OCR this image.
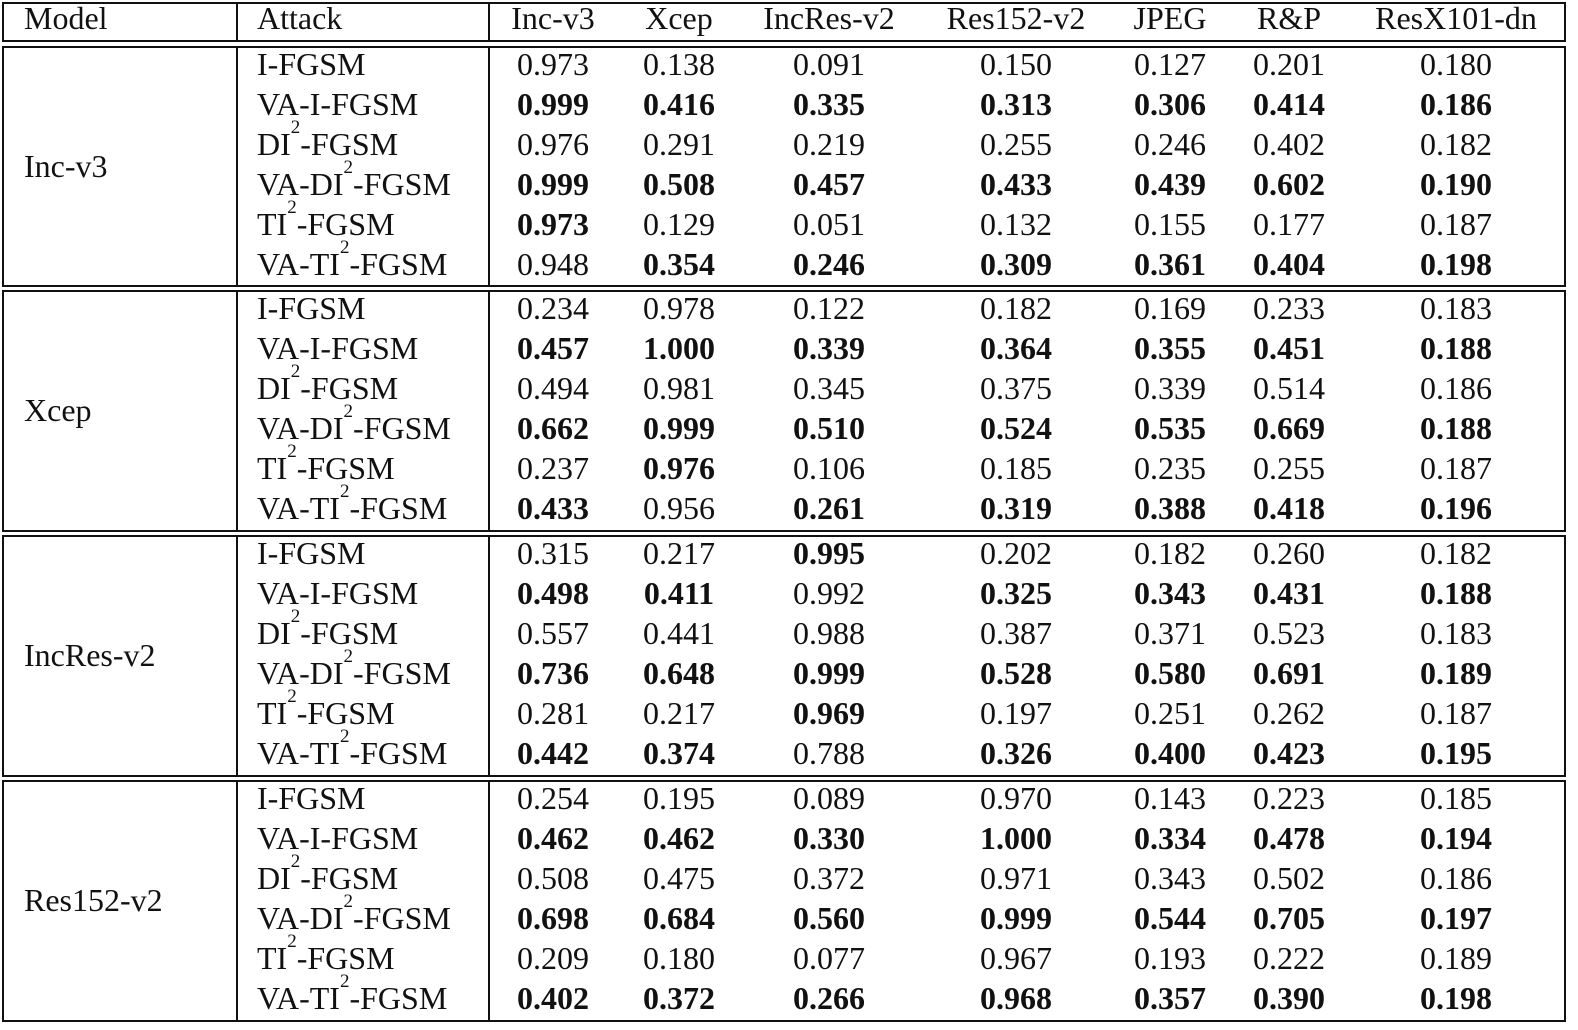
Model	Attack	Inc-v3 Xcep IncRes-v2 Res152-v2 JPEG R&P ResX101-dn
Inc-v3
I-FGSM	0.973 0.138 0.091	0.150	0.127 0.201	0.180
VA-I-FGSM	0.999 0.416 0.335	0.313	0.306 0.414	0.186
$DI^2$-FGSM	0.976 0.291 0.219	0.255	0.246 0.402	0.182
$VA-DI^2$-FGSM 0.999 0.508 0.457	0.433	0.439 0.602	0.190
$TI^2$-FGSM	0.973 0.129 0.051	0.132	0.155 0.177	0.187
$VA-TI^2$-FGSM 0.948 0.354 0.246	0.309	0.361 0.404	0.198
Xcep
I-FGSM	0.234 0.978 0.122	0.182	0.169 0.233	0.183
VA-I-FGSM	0.457 1.000 0.339	0.364	0.355 0.451	0.188
$DI^2$-FGSM	0.494 0.981 0.345	0.375	0.339 0.514	0.186
$VA-DI^2$-FGSM 0.662 0.999 0.510	0.524	0.535 0.669	0.188
$TI^2$-FGSM	0.237 0.976 0.106	0.185	0.235 0.255	0.187
$VA-TI^2$-FGSM 0.433 0.956 0.261	0.319	0.388 0.418	0.196
IncRes-v2
I-FGSM	0.315 0.217 0.995	0.202	0.182 0.260	0.182
VA-I-FGSM	0.498 0.411 0.992	0.325	0.343 0.431	0.188
$DI^2$-FGSM	0.557 0.441 0.988	0.387	0.371 0.523	0.183
$VA-DI^2$-FGSM 0.736 0.648 0.999	0.528	0.580 0.691	0.189
$TI^2$-FGSM	0.281 0.217 0.969	0.197	0.251 0.262	0.187
$VA-TI^2$-FGSM 0.442 0.374 0.788	0.326	0.400 0.423	0.195
Res152-v2
I-FGSM	0.254 0.195 0.089	0.970	0.143 0.223	0.185
VA-I-FGSM	0.462 0.462 0.330	1.000	0.334 0.478	0.194
$DI^2$-FGSM	0.508 0.475 0.372	0.971	0.343 0.502	0.186
$VA-DI^2$-FGSM 0.698 0.684 0.560	0.999	0.544 0.705	0.197
$TI^2$-FGSM	0.209 0.180 0.077	0.967	0.193 0.222	0.189
$VA-TI^2$-FGSM 0.402 0.372 0.266	0.968	0.357 0.390	0.198
